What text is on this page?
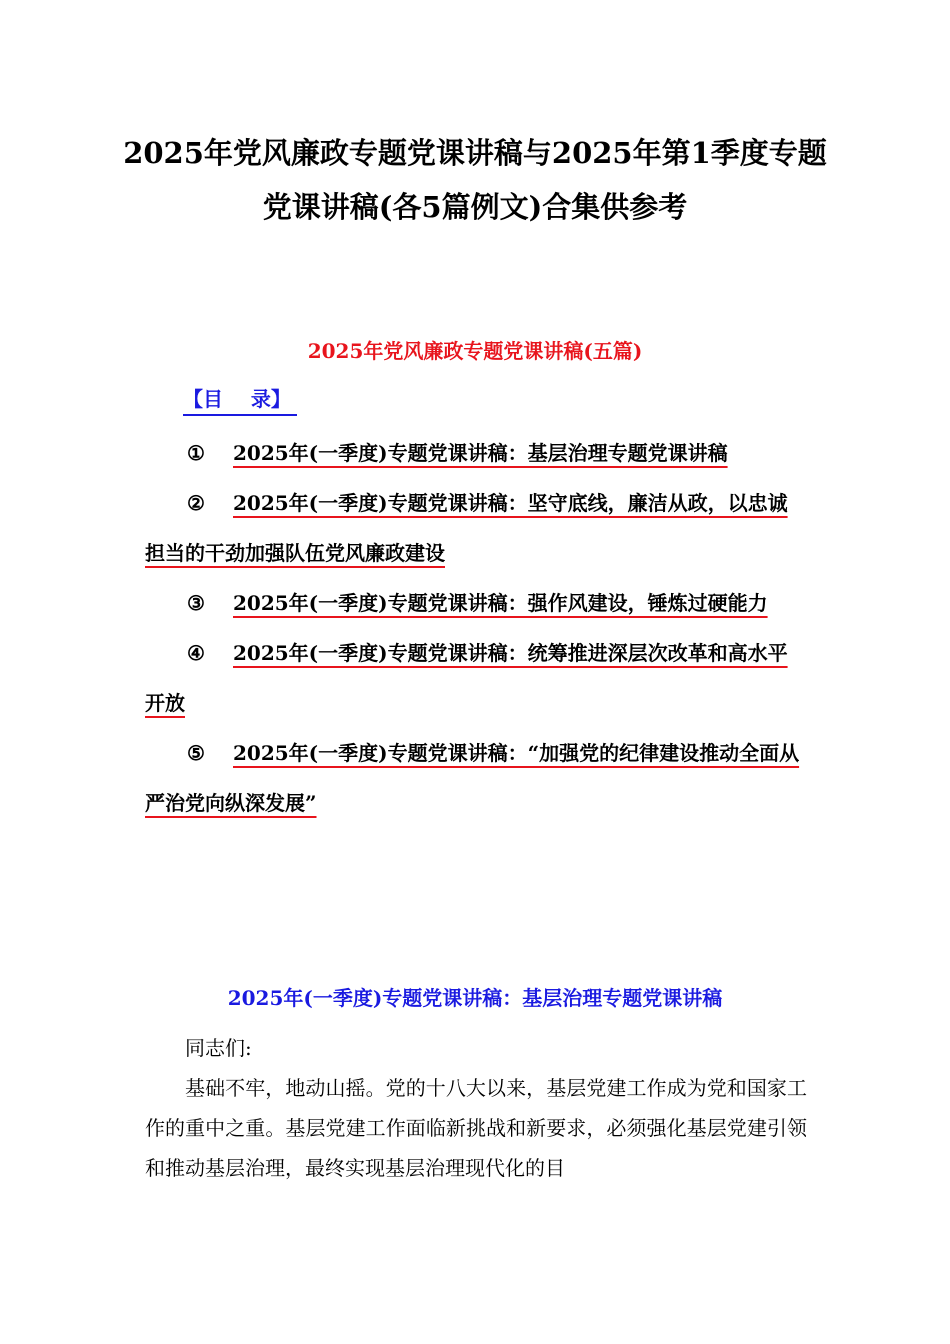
2025年党风廉政专题党课讲稿与2025年第1季度专题党课讲稿(各5篇例文)合集供参考
2025年党风廉政专题党课讲稿(五篇)
【目    录】
① 2025年(一季度)专题党课讲稿：基层治理专题党课讲稿
② 2025年(一季度)专题党课讲稿：坚守底线，廉洁从政，以忠诚担当的干劲加强队伍党风廉政建设
③ 2025年(一季度)专题党课讲稿：强作风建设，锤炼过硬能力
④ 2025年(一季度)专题党课讲稿：统筹推进深层次改革和高水平开放
⑤ 2025年(一季度)专题党课讲稿：“加强党的纪律建设推动全面从严治党向纵深发展”
2025年(一季度)专题党课讲稿：基层治理专题党课讲稿

同志们:

基础不牢，地动山摇。党的十八大以来，基层党建工作成为党和国家工作的重中之重。基层党建工作面临新挑战和新要求，必须强化基层党建引领和推动基层治理，最终实现基层治理现代化的目
